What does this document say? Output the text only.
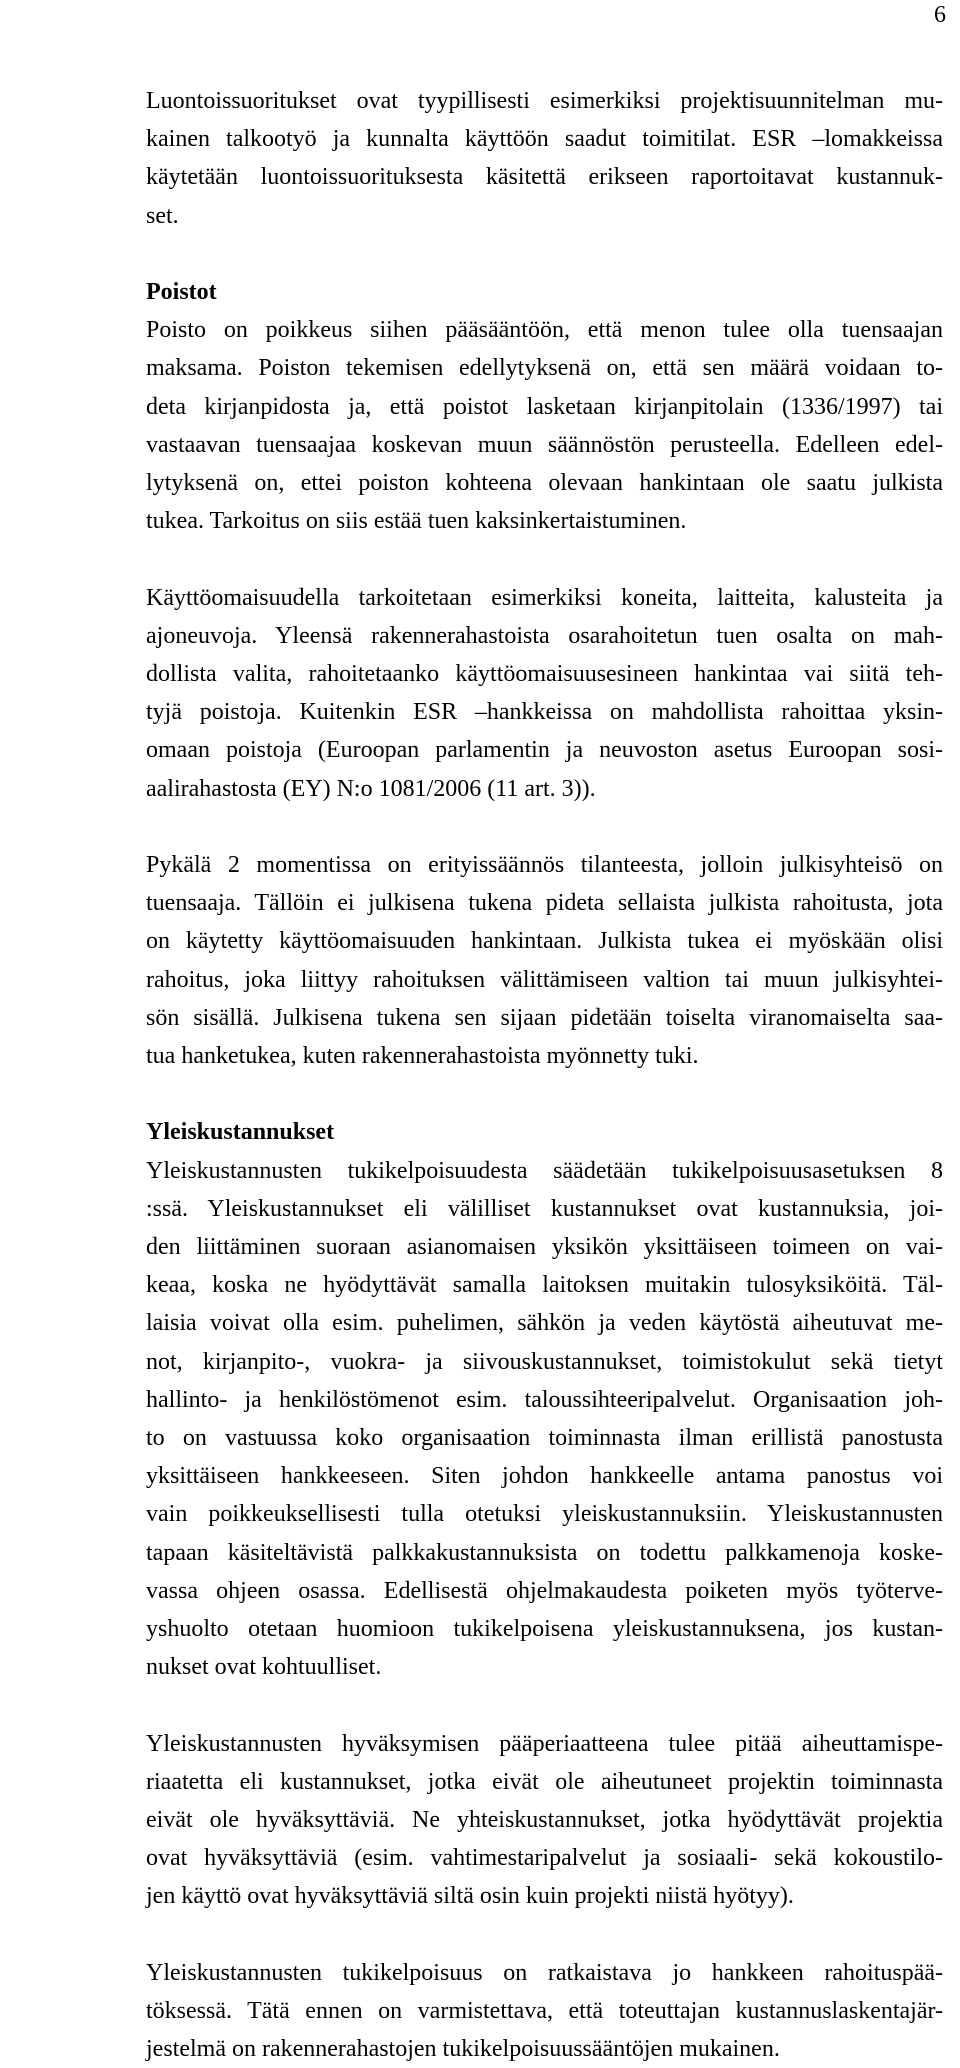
6
Luontoissuoritukset ovat tyypillisesti esimerkiksi projektisuunnitelman mu-
kainen talkootyö ja kunnalta käyttöön saadut toimitilat. ESR –lomakkeissa
käytetään luontoissuorituksesta käsitettä erikseen raportoitavat kustannuk-
set.
Poistot
Poisto on poikkeus siihen pääsääntöön, että menon tulee olla tuensaajan
maksama. Poiston tekemisen edellytyksenä on, että sen määrä voidaan to-
deta kirjanpidosta ja, että poistot lasketaan kirjanpitolain (1336/1997) tai
vastaavan tuensaajaa koskevan muun säännöstön perusteella. Edelleen edel-
lytyksenä on, ettei poiston kohteena olevaan hankintaan ole saatu julkista
tukea. Tarkoitus on siis estää tuen kaksinkertaistuminen.
Käyttöomaisuudella tarkoitetaan esimerkiksi koneita, laitteita, kalusteita ja
ajoneuvoja. Yleensä rakennerahastoista osarahoitetun tuen osalta on mah-
dollista valita, rahoitetaanko käyttöomaisuusesineen hankintaa vai siitä teh-
tyjä poistoja. Kuitenkin ESR –hankkeissa on mahdollista rahoittaa yksin-
omaan poistoja (Euroopan parlamentin ja neuvoston asetus Euroopan sosi-
aalirahastosta (EY) N:o 1081/2006 (11 art. 3)).
Pykälä 2 momentissa on erityissäännös tilanteesta, jolloin julkisyhteisö on
tuensaaja. Tällöin ei julkisena tukena pideta sellaista julkista rahoitusta, jota
on käytetty käyttöomaisuuden hankintaan. Julkista tukea ei myöskään olisi
rahoitus, joka liittyy rahoituksen välittämiseen valtion tai muun julkisyhtei-
sön sisällä. Julkisena tukena sen sijaan pidetään toiselta viranomaiselta saa-
tua hanketukea, kuten rakennerahastoista myönnetty tuki.
Yleiskustannukset
Yleiskustannusten tukikelpoisuudesta säädetään tukikelpoisuusasetuksen 8
:ssä. Yleiskustannukset eli välilliset kustannukset ovat kustannuksia, joi-
den liittäminen suoraan asianomaisen yksikön yksittäiseen toimeen on vai-
keaa, koska ne hyödyttävät samalla laitoksen muitakin tulosyksiköitä. Täl-
laisia voivat olla esim. puhelimen, sähkön ja veden käytöstä aiheutuvat me-
not, kirjanpito-, vuokra- ja siivouskustannukset, toimistokulut sekä tietyt
hallinto- ja henkilöstömenot esim. taloussihteeripalvelut. Organisaation joh-
to on vastuussa koko organisaation toiminnasta ilman erillistä panostusta
yksittäiseen hankkeeseen. Siten johdon hankkeelle antama panostus voi
vain poikkeuksellisesti tulla otetuksi yleiskustannuksiin. Yleiskustannusten
tapaan käsiteltävistä palkkakustannuksista on todettu palkkamenoja koske-
vassa ohjeen osassa. Edellisestä ohjelmakaudesta poiketen myös työterve-
yshuolto otetaan huomioon tukikelpoisena yleiskustannuksena, jos kustan-
nukset ovat kohtuulliset.
Yleiskustannusten hyväksymisen pääperiaatteena tulee pitää aiheuttamispe-
riaatetta eli kustannukset, jotka eivät ole aiheutuneet projektin toiminnasta
eivät ole hyväksyttäviä. Ne yhteiskustannukset, jotka hyödyttävät projektia
ovat hyväksyttäviä (esim. vahtimestaripalvelut ja sosiaali- sekä kokoustilo-
jen käyttö ovat hyväksyttäviä siltä osin kuin projekti niistä hyötyy).
Yleiskustannusten tukikelpoisuus on ratkaistava jo hankkeen rahoituspää-
töksessä. Tätä ennen on varmistettava, että toteuttajan kustannuslaskentajär-
jestelmä on rakennerahastojen tukikelpoisuussääntöjen mukainen.
